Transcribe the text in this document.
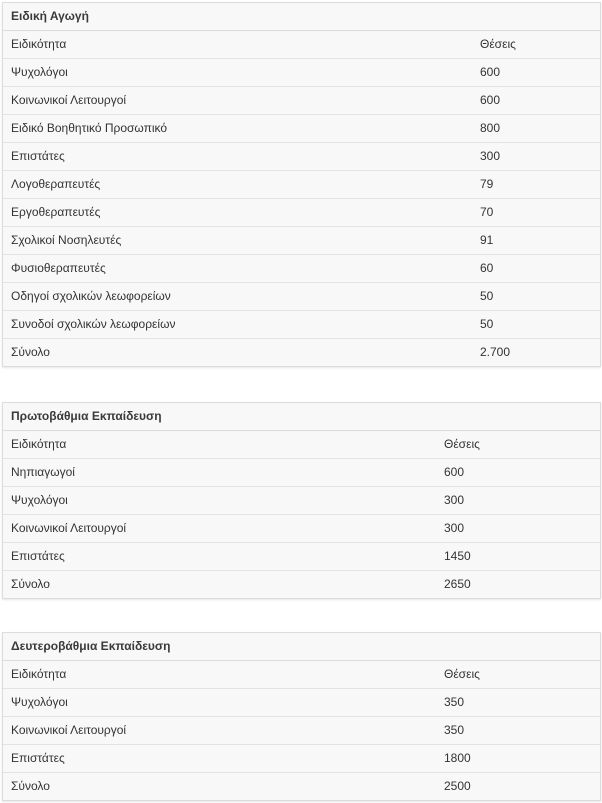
Ειδική Αγωγή
Ειδικότητα	Θέσεις
Ψυχολόγοι	600
Κοινωνικοί Λειτουργοί	600
Ειδικό Βοηθητικό Προσωπικό	800
Επιστάτες	300
Λογοθεραπευτές	79
Εργοθεραπευτές	70
Σχολικοί Νοσηλευτές	91
Φυσιοθεραπευτές	60
Οδηγοί σχολικών λεωφορείων	50
Συνοδοί σχολικών λεωφορείων	50
Σύνολο	2.700
Πρωτοβάθμια Εκπαίδευση
Ειδικότητα	Θέσεις
Νηπιαγωγοί	600
Ψυχολόγοι	300
Κοινωνικοί Λειτουργοί	300
Επιστάτες	1450
Σύνολο	2650
Δευτεροβάθμια Εκπαίδευση
Ειδικότητα	Θέσεις
Ψυχολόγοι	350
Κοινωνικοί Λειτουργοί	350
Επιστάτες	1800
Σύνολο	2500
